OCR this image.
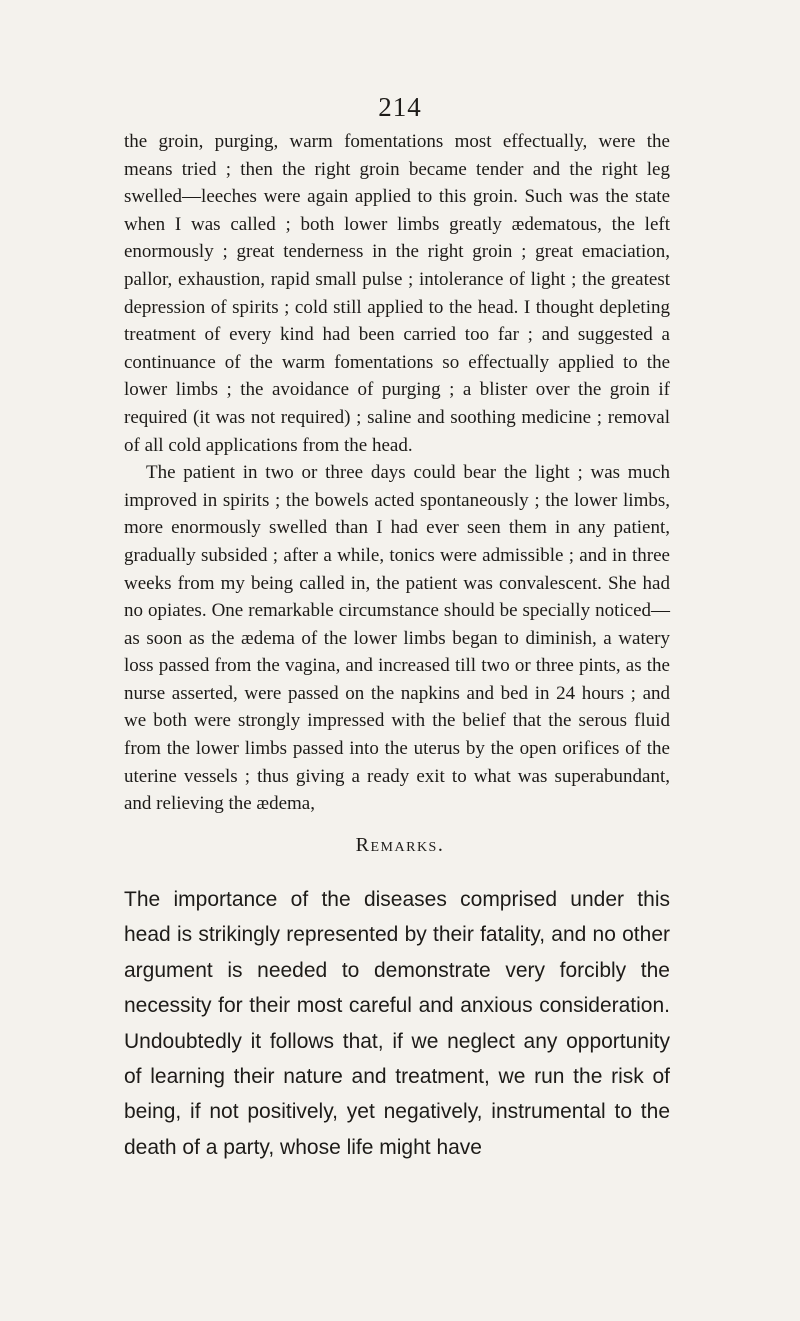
214

the groin, purging, warm fomentations most effectually, were the means tried ; then the right groin became tender and the right leg swelled—leeches were again applied to this groin. Such was the state when I was called ; both lower limbs greatly ædematous, the left enormously ; great tenderness in the right groin ; great emaciation, pallor, exhaustion, rapid small pulse ; intolerance of light ; the greatest depression of spirits ; cold still applied to the head. I thought depleting treatment of every kind had been carried too far ; and suggested a continuance of the warm fomentations so effectually applied to the lower limbs ; the avoidance of purging ; a blister over the groin if required (it was not required) ; saline and soothing medicine ; removal of all cold applications from the head.

The patient in two or three days could bear the light ; was much improved in spirits ; the bowels acted spontaneously ; the lower limbs, more enormously swelled than I had ever seen them in any patient, gradually subsided ; after a while, tonics were admissible ; and in three weeks from my being called in, the patient was convalescent. She had no opiates. One remarkable circumstance should be specially noticed—as soon as the ædema of the lower limbs began to diminish, a watery loss passed from the vagina, and increased till two or three pints, as the nurse asserted, were passed on the napkins and bed in 24 hours ; and we both were strongly impressed with the belief that the serous fluid from the lower limbs passed into the uterus by the open orifices of the uterine vessels ; thus giving a ready exit to what was superabundant, and relieving the ædema,

Remarks.

The importance of the diseases comprised under this head is strikingly represented by their fatality, and no other argument is needed to demonstrate very forcibly the necessity for their most careful and anxious consideration. Undoubtedly it follows that, if we neglect any opportunity of learning their nature and treatment, we run the risk of being, if not positively, yet negatively, instrumental to the death of a party, whose life might have
